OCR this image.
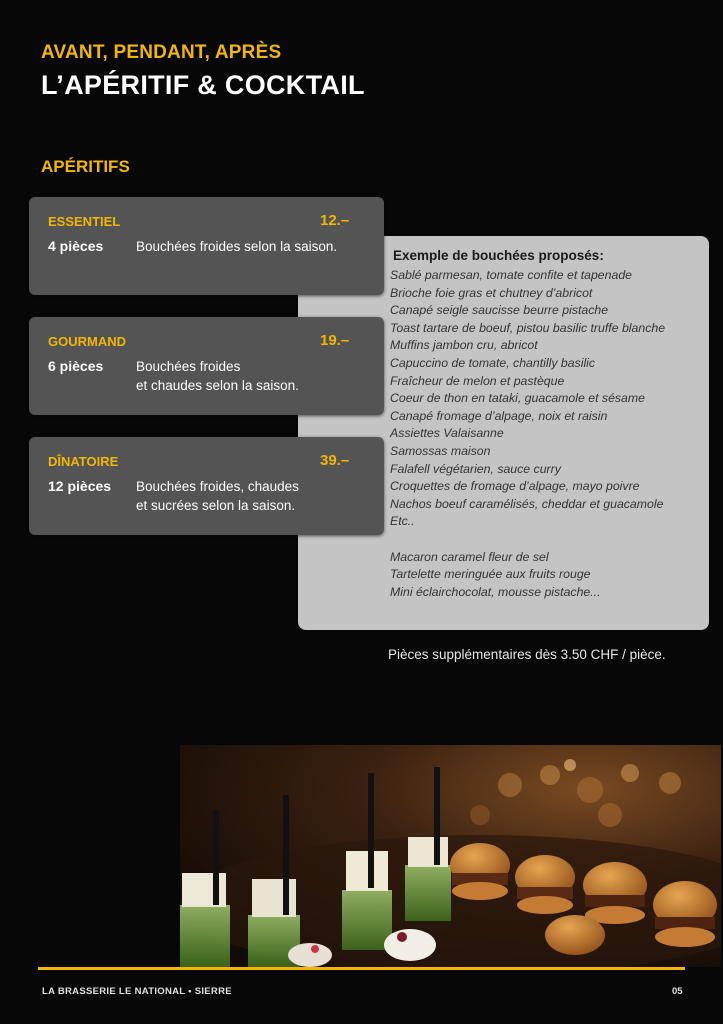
AVANT, PENDANT, APRÈS
L’APÉRITIF & COCKTAIL
APÉRITIFS
Exemple de bouchées proposés:
Sablé parmesan, tomate confite et tapenade
Brioche foie gras et chutney d’abricot
Canapé seigle saucisse beurre pistache
Toast tartare de boeuf, pistou basilic truffe blanche
Muffins jambon cru, abricot
Capuccino de tomate, chantilly basilic
Fraîcheur de melon et pastèque
Coeur de thon en tataki, guacamole et sésame
Canapé fromage d’alpage, noix et raisin
Assiettes Valaisanne
Samossas maison
Falafell végétarien, sauce curry
Croquettes de fromage d’alpage, mayo poivre
Nachos boeuf caramélisés, cheddar et guacamole
Etc..
Macaron caramel fleur de sel
Tartelette meringuée aux fruits rouge
Mini éclairchocolat, mousse pistache...
ESSENTIEL	12.–
4 pièces Bouchées froides selon la saison.
GOURMAND	19.–
6 pièces Bouchées froides
et chaudes selon la saison.
DÎNATOIRE	39.–
12 pièces Bouchées froides, chaudes
et sucrées selon la saison.
Pièces supplémentaires dès 3.50 CHF / pièce.
LA BRASSERIE LE NATIONAL • SIERRE	05
